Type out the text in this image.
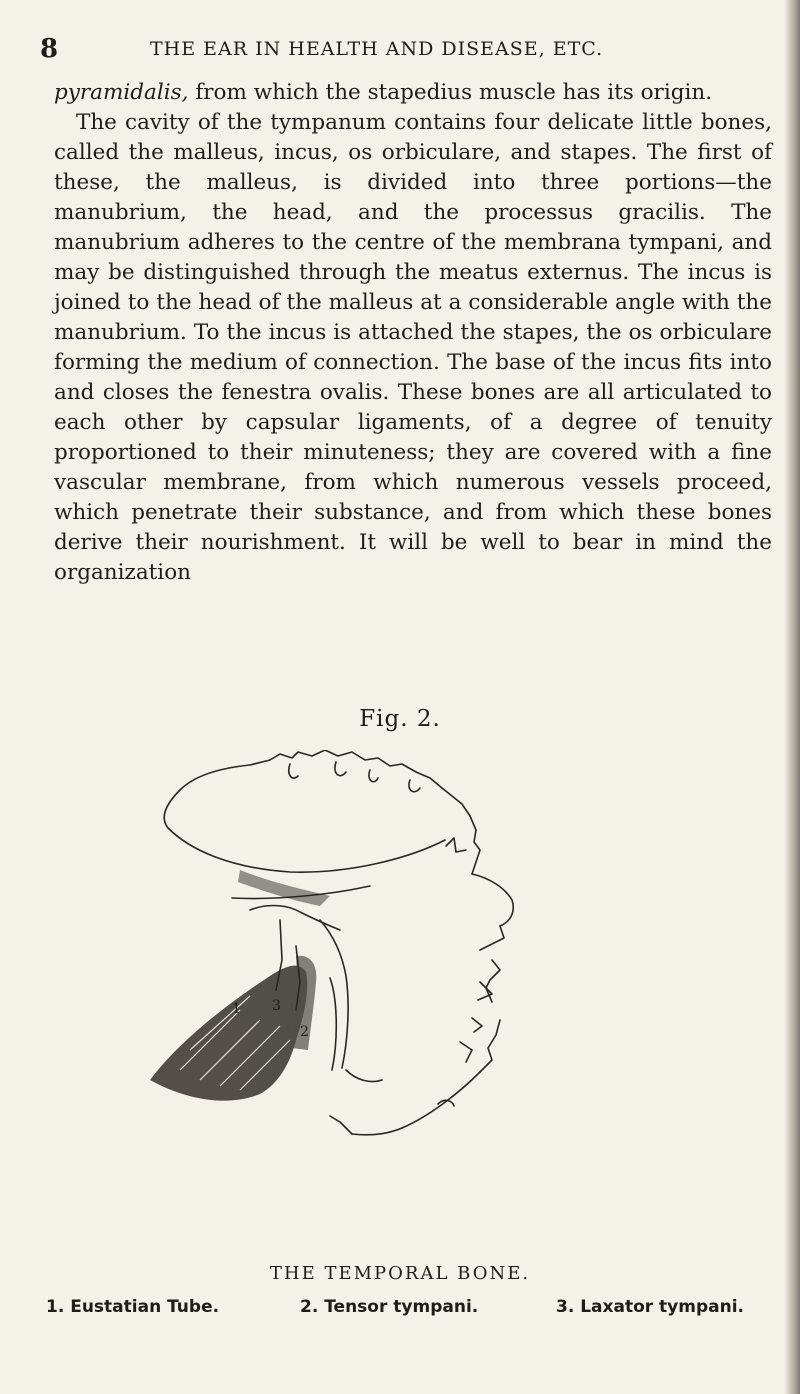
8	THE EAR IN HEALTH AND DISEASE, ETC.

pyramidalis, from which the stapedius muscle has its origin.

The cavity of the tympanum contains four delicate little bones, called the malleus, incus, os orbiculare, and stapes. The first of these, the malleus, is divided into three portions—the manubrium, the head, and the processus gracilis. The manubrium adheres to the centre of the membrana tympani, and may be distinguished through the meatus externus. The incus is joined to the head of the malleus at a considerable angle with the manubrium. To the incus is attached the stapes, the os orbiculare forming the medium of connection. The base of the incus fits into and closes the fenestra ovalis. These bones are all articulated to each other by capsular ligaments, of a degree of tenuity proportioned to their minuteness; they are covered with a fine vascular membrane, from which numerous vessels proceed, which penetrate their substance, and from which these bones derive their nourishment. It will be well to bear in mind the organization

Fig. 2.
1
2
3
THE TEMPORAL BONE.
1. Eustatian Tube.	2. Tensor tympani.	3. Laxator tympani.
